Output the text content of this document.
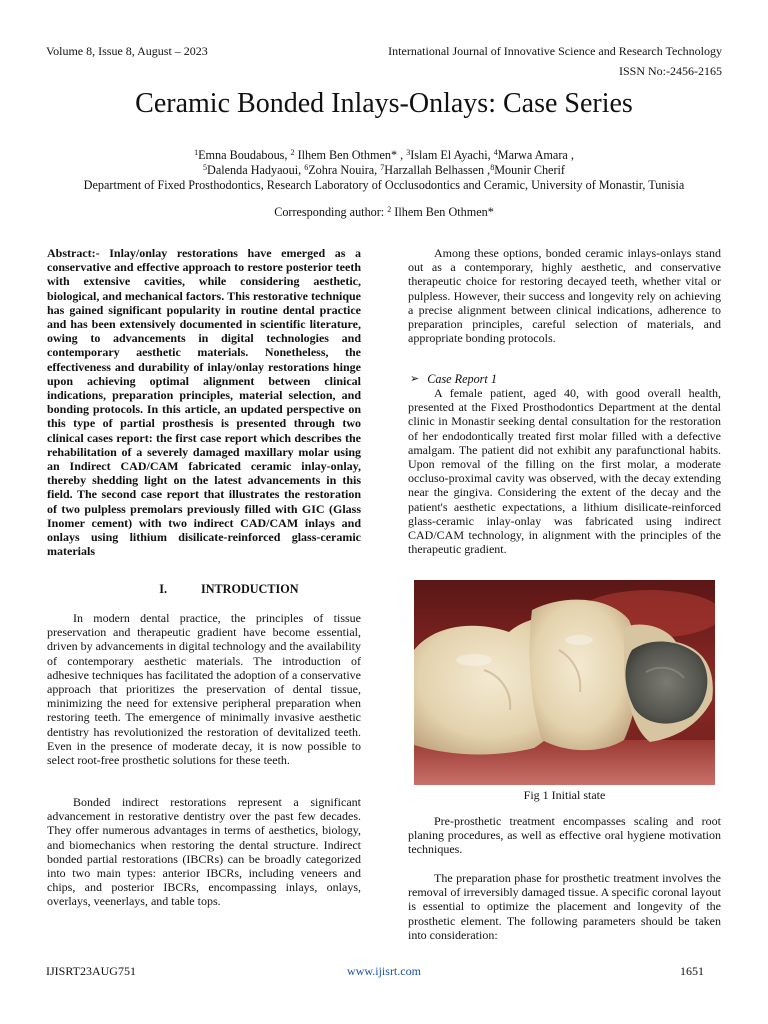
Volume 8, Issue 8, August – 2023	International Journal of Innovative Science and Research Technology
ISSN No:-2456-2165
Ceramic Bonded Inlays-Onlays: Case Series
$^1$Emna Boudabous, $^2$ Ilhem Ben Othmen* , $^3$Islam El Ayachi, $^4$Marwa Amara ,
$^5$Dalenda Hadyaoui, $^6$Zohra Nouira, $^7$Harzallah Belhassen ,$^8$Mounir Cherif
Department of Fixed Prosthodontics, Research Laboratory of Occlusodontics and Ceramic, University of Monastir, Tunisia
Corresponding author: $^2$ Ilhem Ben Othmen*

Abstract:- Inlay/onlay restorations have emerged as a conservative and effective approach to restore posterior teeth with extensive cavities, while considering aesthetic, biological, and mechanical factors. This restorative technique has gained significant popularity in routine dental practice and has been extensively documented in scientific literature, owing to advancements in digital technologies and contemporary aesthetic materials. Nonetheless, the effectiveness and durability of inlay/onlay restorations hinge upon achieving optimal alignment between clinical indications, preparation principles, material selection, and bonding protocols. In this article, an updated perspective on this type of partial prosthesis is presented through two clinical cases report: the first case report which describes the rehabilitation of a severely damaged maxillary molar using an Indirect CAD/CAM fabricated ceramic inlay-onlay, thereby shedding light on the latest advancements in this field. The second case report that illustrates the restoration of two pulpless premolars previously filled with GIC (Glass Inomer cement) with two indirect CAD/CAM inlays and onlays using lithium disilicate-reinforced glass-ceramic materials

I.	INTRODUCTION

In modern dental practice, the principles of tissue preservation and therapeutic gradient have become essential, driven by advancements in digital technology and the availability of contemporary aesthetic materials. The introduction of adhesive techniques has facilitated the adoption of a conservative approach that prioritizes the preservation of dental tissue, minimizing the need for extensive peripheral preparation when restoring teeth. The emergence of minimally invasive aesthetic dentistry has revolutionized the restoration of devitalized teeth. Even in the presence of moderate decay, it is now possible to select root-free prosthetic solutions for these teeth.

Bonded indirect restorations represent a significant advancement in restorative dentistry over the past few decades. They offer numerous advantages in terms of aesthetics, biology, and biomechanics when restoring the dental structure. Indirect bonded partial restorations (IBCRs) can be broadly categorized into two main types: anterior IBCRs, including veneers and chips, and posterior IBCRs, encompassing inlays, onlays, overlays, veenerlays, and table tops.

Among these options, bonded ceramic inlays-onlays stand out as a contemporary, highly aesthetic, and conservative therapeutic choice for restoring decayed teeth, whether vital or pulpless. However, their success and longevity rely on achieving a precise alignment between clinical indications, adherence to preparation principles, careful selection of materials, and appropriate bonding protocols.

➢ Case Report 1

A female patient, aged 40, with good overall health, presented at the Fixed Prosthodontics Department at the dental clinic in Monastir seeking dental consultation for the restoration of her endodontically treated first molar filled with a defective amalgam. The patient did not exhibit any parafunctional habits. Upon removal of the filling on the first molar, a moderate occluso-proximal cavity was observed, with the decay extending near the gingiva. Considering the extent of the decay and the patient's aesthetic expectations, a lithium disilicate-reinforced glass-ceramic inlay-onlay was fabricated using indirect CAD/CAM technology, in alignment with the principles of the therapeutic gradient.

Fig 1 Initial state

Pre-prosthetic treatment encompasses scaling and root planing procedures, as well as effective oral hygiene motivation techniques.

The preparation phase for prosthetic treatment involves the removal of irreversibly damaged tissue. A specific coronal layout is essential to optimize the placement and longevity of the prosthetic element. The following parameters should be taken into consideration:

IJISRT23AUG751	www.ijisrt.com	1651
